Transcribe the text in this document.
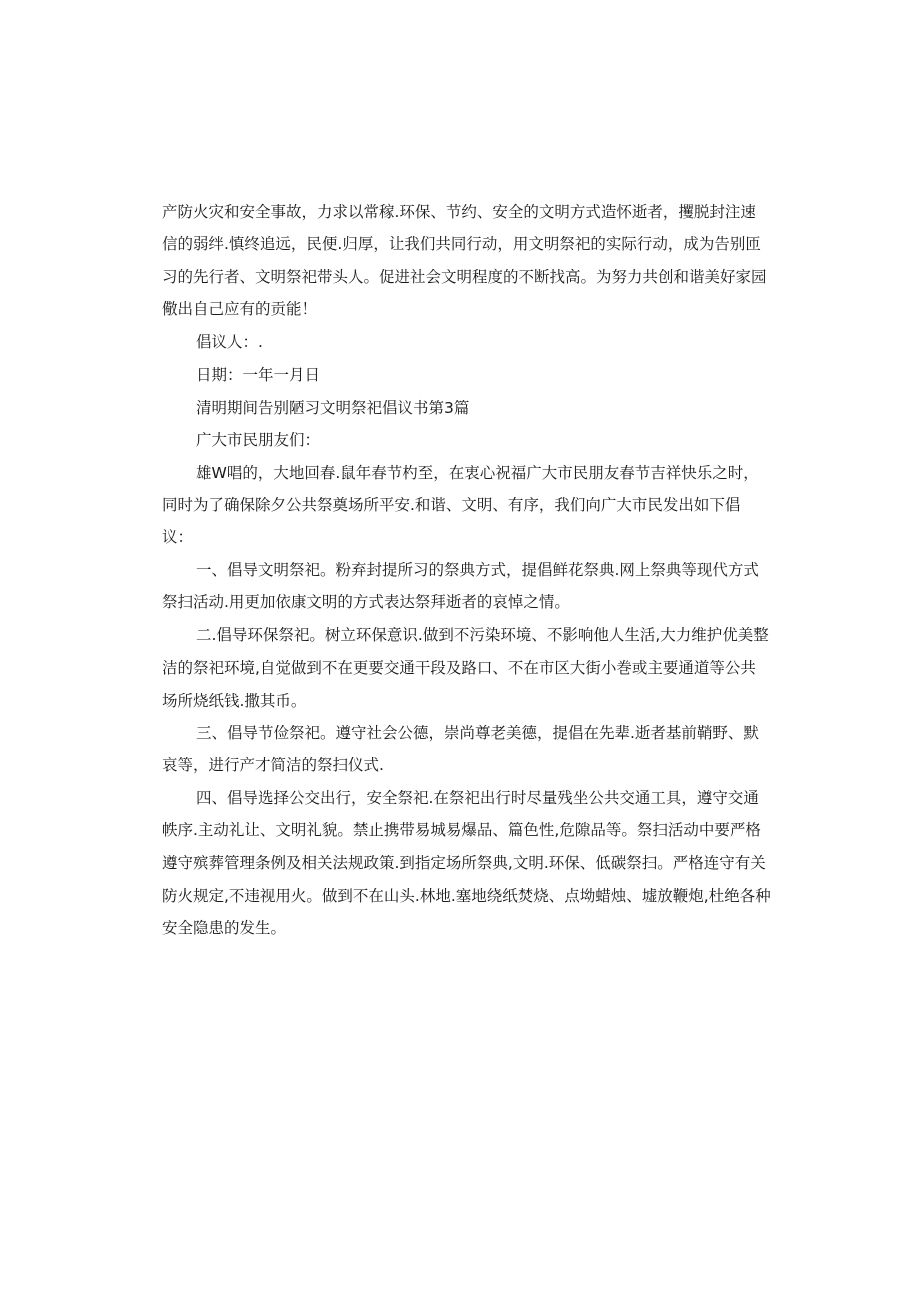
产防火灾和安全事故，力求以常稼.环保、节约、安全的文明方式造怀逝者，攫脱封注速
信的弱绊.慎终追远，民便.归厚，让我们共同行动，用文明祭祀的实际行动，成为告别匝
习的先行者、文明祭祀带头人。促进社会文明程度的不断找高。为努力共创和谐美好家园
儆出自己应有的贡能！
倡议人：.
日期：一年一月日
清明期间告别陋习文明祭祀倡议书第3篇
广大市民朋友们：
雄W唱的，大地回春.鼠年春节杓至，在衷心祝福广大市民朋友春节吉祥快乐之时，
同时为了确保除夕公共祭奠场所平安.和谐、文明、有序，我们向广大市民发出如下倡
议：
一、倡导文明祭祀。粉弃封提所习的祭典方式，提倡鲜花祭典.网上祭典等现代方式
祭扫活动.用更加依康文明的方式表达祭拜逝者的哀悼之情。
二.倡导环保祭祀。树立环保意识.做到不污染环境、不影响他人生活,大力维护优美整
洁的祭祀环境,自觉做到不在更要交通干段及路口、不在市区大街小巻或主要通道等公共
场所烧纸钱.撒其币。
三、倡导节俭祭祀。遵守社会公德，崇尚尊老美德，提倡在先辈.逝者基前鞘野、默
哀等，进行产才简洁的祭扫仪式.
四、倡导选择公交出行，安全祭祀.在祭祀出行时尽量残坐公共交通工具，遵守交通
帙序.主动礼让、文明礼貌。禁止携带易城易爆品、篇色性,危隙品等。祭扫活动中要严格
遵守殡葬管理条例及相关法规政策.到指定场所祭典,文明.环保、低碳祭扫。严格连守有关
防火规定,不违视用火。做到不在山头.林地.塞地绕纸焚烧、点坳蜡烛、墟放鞭炮,杜绝各种
安全隐患的发生。
